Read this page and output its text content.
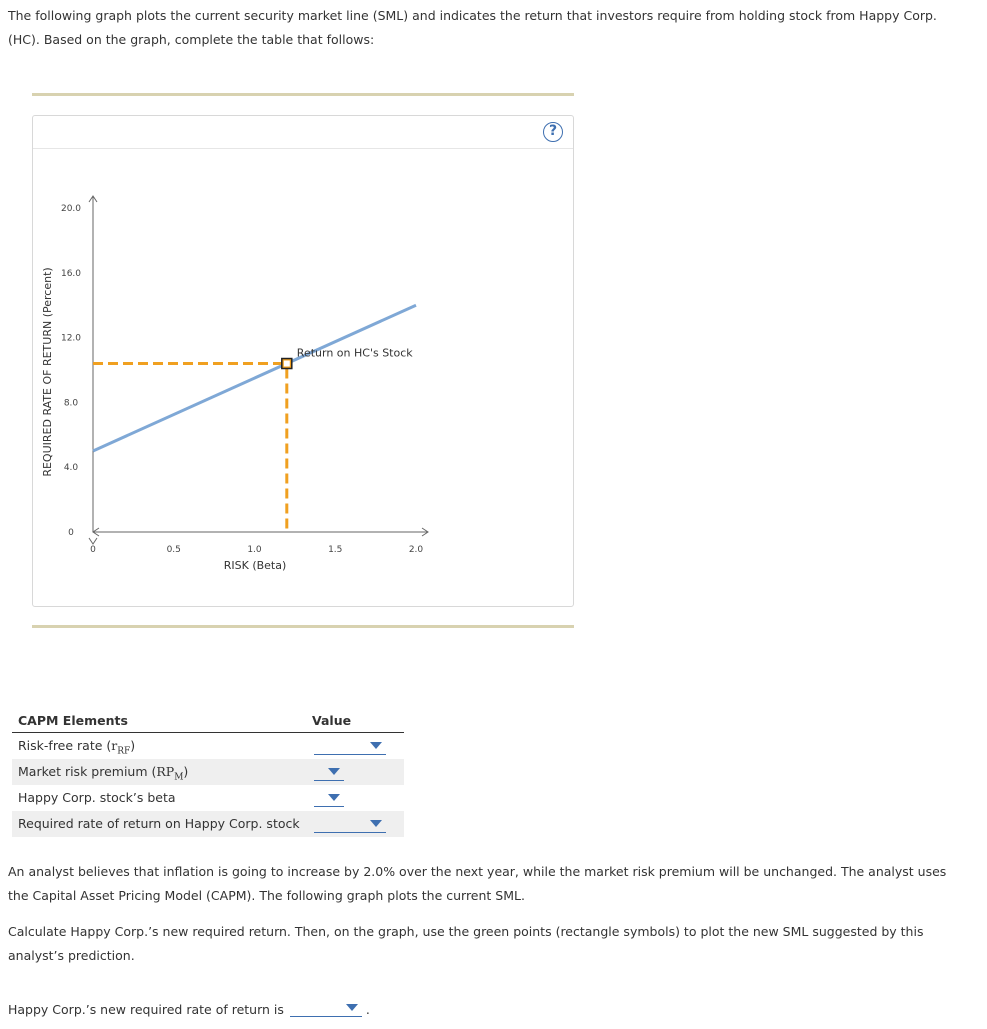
The following graph plots the current security market line (SML) and indicates the return that investors require from holding stock from Happy Corp.
(HC). Based on the graph, complete the table that follows:
?
0	0.5	1.0	1.5	2.0
0
4.0
8.0
12.0
16.0
20.0
RISK (Beta)
REQUIRED RATE OF RETURN (Percent)	Return on HC's Stock
CAPM Elements	Value
Risk-free rate $(r_{RF})$
Market risk premium $(RP_M)$
Happy Corp. stock’s beta
Required rate of return on Happy Corp. stock
An analyst believes that inflation is going to increase by 2.0% over the next year, while the market risk premium will be unchanged. The analyst uses
the Capital Asset Pricing Model (CAPM). The following graph plots the current SML.
Calculate Happy Corp.’s new required return. Then, on the graph, use the green points (rectangle symbols) to plot the new SML suggested by this
analyst’s prediction.
Happy Corp.’s new required rate of return is	.
